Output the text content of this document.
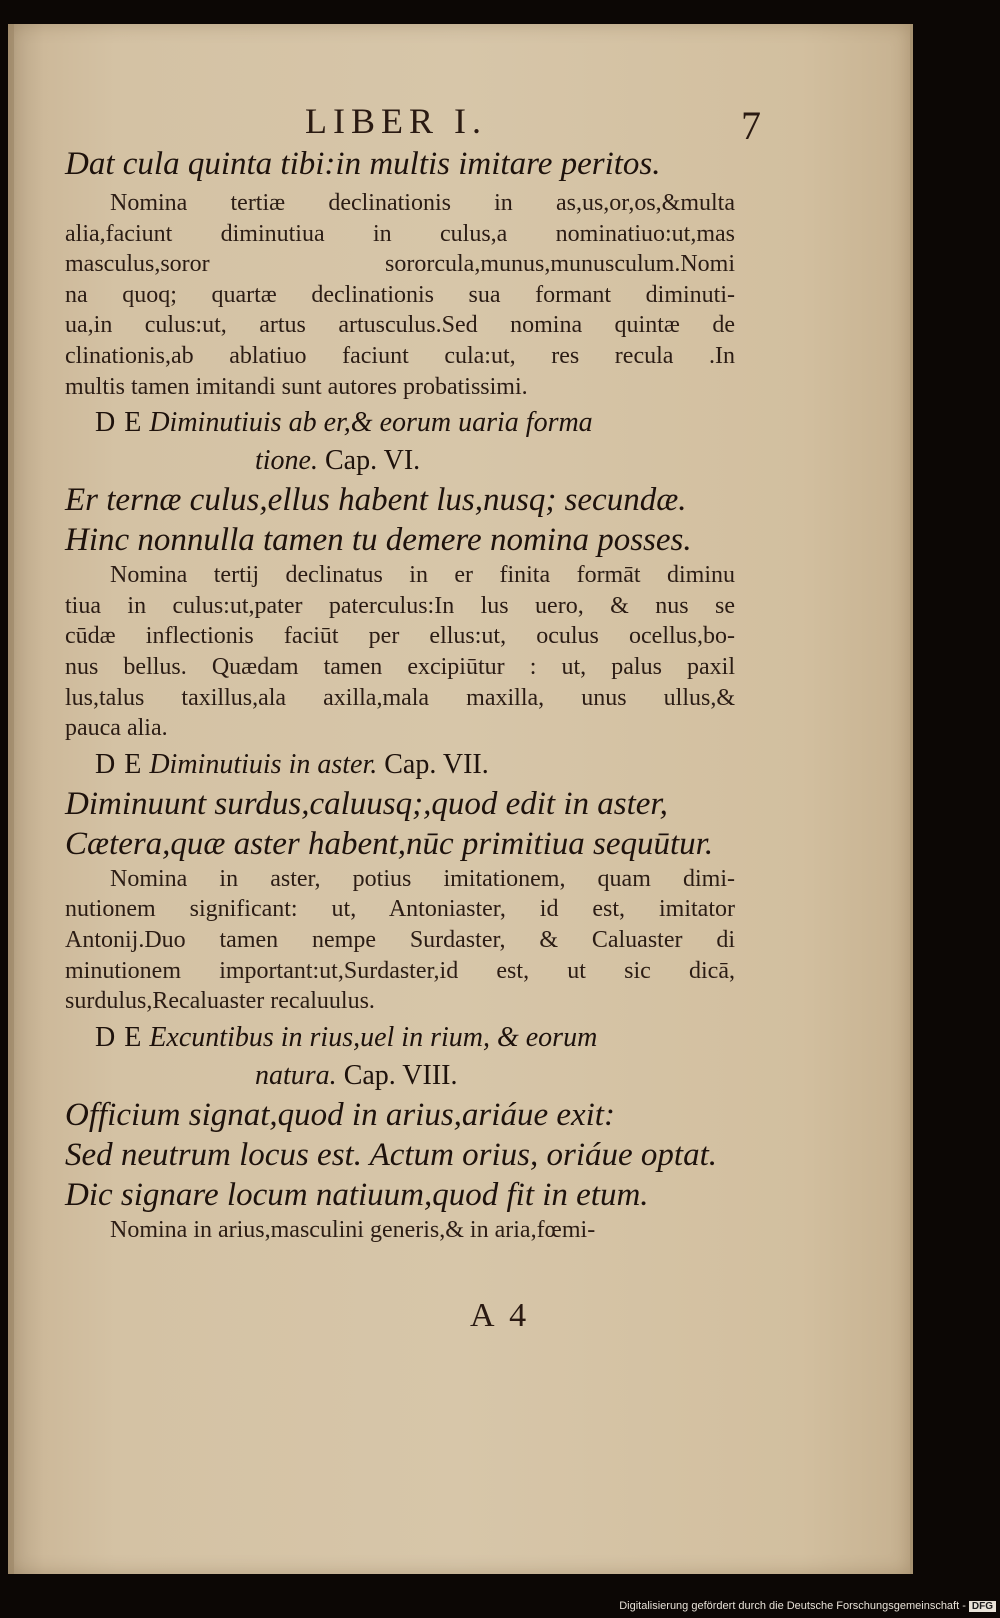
LIBER I.	7

Dat cula quinta tibi:in multis imitare peritos.

Nomina tertiæ declinationis in as,us,or,os,&multa
alia,faciunt diminutiua in culus,a nominatiuo:ut,mas
masculus,soror sororcula,munus,munusculum.Nomi
na quoq; quartæ declinationis sua formant diminuti-
ua,in culus:ut, artus artusculus.Sed nomina quintæ de
clinationis,ab ablatiuo faciunt cula:ut, res recula .In
multis tamen imitandi sunt autores probatissimi.

D E Diminutiuis ab er,& eorum uaria forma

tione. Cap. VI.

Er ternæ culus,ellus habent lus,nusq; secundæ.

Hinc nonnulla tamen tu demere nomina posses.

Nomina tertij declinatus in er finita formāt diminu
tiua in culus:ut,pater paterculus:In lus uero, & nus se
cūdæ inflectionis faciūt per ellus:ut, oculus ocellus,bo-
nus bellus. Quædam tamen excipiūtur : ut, palus paxil
lus,talus taxillus,ala axilla,mala maxilla, unus ullus,&
pauca alia.

D E Diminutiuis in aster. Cap. VII.

Diminuunt surdus,caluusq;,quod edit in aster,

Cætera,quæ aster habent,nūc primitiua sequūtur.

Nomina in aster, potius imitationem, quam dimi-
nutionem significant: ut, Antoniaster, id est, imitator
Antonij.Duo tamen nempe Surdaster, & Caluaster di
minutionem important:ut,Surdaster,id est, ut sic dicā,
surdulus,Recaluaster recaluulus.

D E Excuntibus in rius,uel in rium, & eorum

natura. Cap. VIII.

Officium signat,quod in arius,ariáue exit:

Sed neutrum locus est. Actum orius, oriáue optat.

Dic signare locum natiuum,quod fit in etum.

Nomina in arius,masculini generis,& in aria,fœmi-
A 4
Digitalisierung gefördert durch die Deutsche Forschungsgemeinschaft - DFG
